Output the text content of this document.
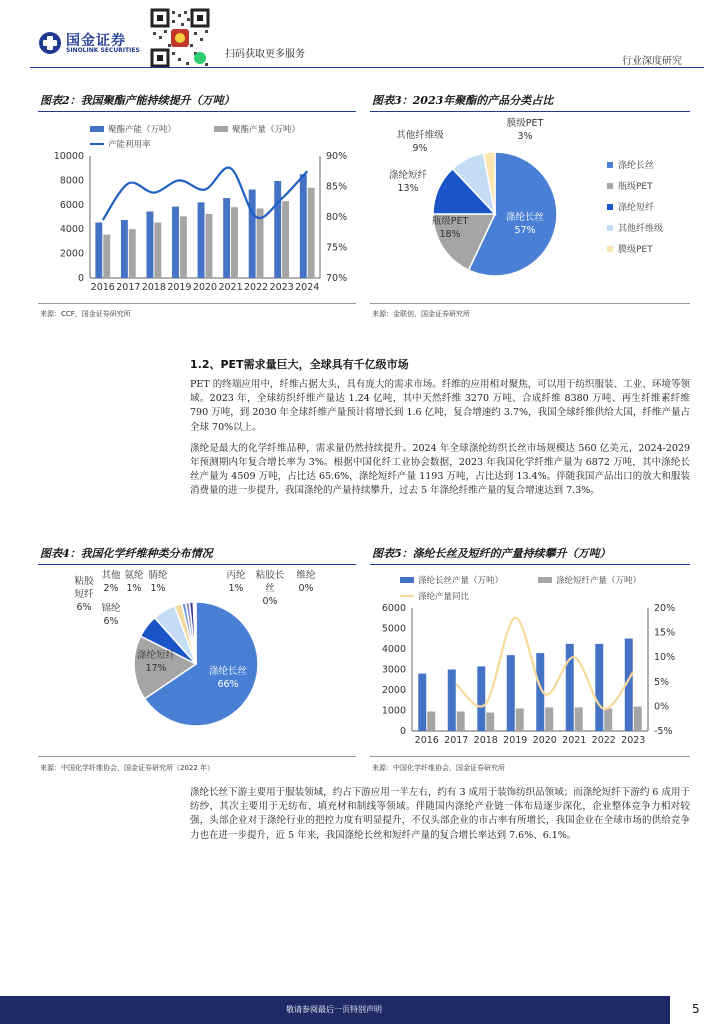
国金证券
SINOLINK SECURITIES	扫码获取更多服务
行业深度研究
图表2：我国聚酯产能持续提升（万吨）
聚酯产能（万吨）	聚酯产量（万吨）
产能利用率
10000
8000
6000
4000
2000
0
90%
85%
80%
75%
70%
2016 2017 2018 2019 2020 2021 2022 2023 2024
来源：CCF，国金证券研究所
图表3：2023年聚酯的产品分类占比
涤纶长丝
57%
瓶级PET
18%
涤纶短纤
13%
其他纤维级
9%
膜级PET
3%
涤纶长丝
瓶级PET
涤纶短纤
其他纤维级
膜级PET
来源：金联创，国金证券研究所
1.2、PET需求量巨大，全球具有千亿级市场

PET 的终端应用中，纤维占据大头，具有庞大的需求市场。纤维的应用相对聚焦，可以用于纺织服装、工业、环境等领域。2023 年，全球纺织纤维产量达 1.24 亿吨，其中天然纤维 3270 万吨、合成纤维 8380 万吨、再生纤维素纤维 790 万吨，到 2030 年全球纤维产量预计将增长到 1.6 亿吨，复合增速约 3.7%，我国全球纤维供给大国，纤维产量占全球 70%以上。

涤纶是最大的化学纤维品种，需求量仍然持续提升。2024 年全球涤纶纺织长丝市场规模达 560 亿美元，2024-2029 年预测期内年复合增长率为 3%。根据中国化纤工业协会数据，2023 年我国化学纤维产量为 6872 万吨，其中涤纶长丝产量为 4509 万吨，占比达 65.6%，涤纶短纤产量 1193 万吨，占比达到 13.4%。伴随我国产品出口的放大和服装消费量的进一步提升，我国涤纶的产量持续攀升，过去 5 年涤纶纤维产量的复合增速达到 7.3%。

图表4：我国化学纤维种类分布情况
涤纶长丝
66%
涤纶短纤
17%
锦纶
6%
粘胶
短纤
6%
其他
2%
氨纶
1%
腈纶
1%
丙纶
1%
粘胶长
丝
0%
维纶
0%
来源：中国化学纤维协会，国金证券研究所（2022 年）
图表5：涤纶长丝及短纤的产量持续攀升（万吨）
涤纶长丝产量（万吨）	涤纶短纤产量（万吨）
涤纶产量同比
6000
5000
4000
3000
2000
1000
0
20%
15%
10%
5%
0%
-5%
2016 2017 2018 2019 2020 2021 2022 2023
来源：中国化学纤维协会，国金证券研究所
涤纶长丝下游主要用于服装领域，约占下游应用一半左右，约有 3 成用于装饰纺织品领域；而涤纶短纤下游约 6 成用于纺纱，其次主要用于无纺布、填充材和制线等领域。伴随国内涤纶产业链一体布局逐步深化，企业整体竞争力相对较强，头部企业对于涤纶行业的把控力度有明显提升，不仅头部企业的市占率有所增长，我国企业在全球市场的供给竞争力也在进一步提升，近 5 年来，我国涤纶长丝和短纤产量的复合增长率达到 7.6%、6.1%。
敬请参阅最后一页特别声明	5
